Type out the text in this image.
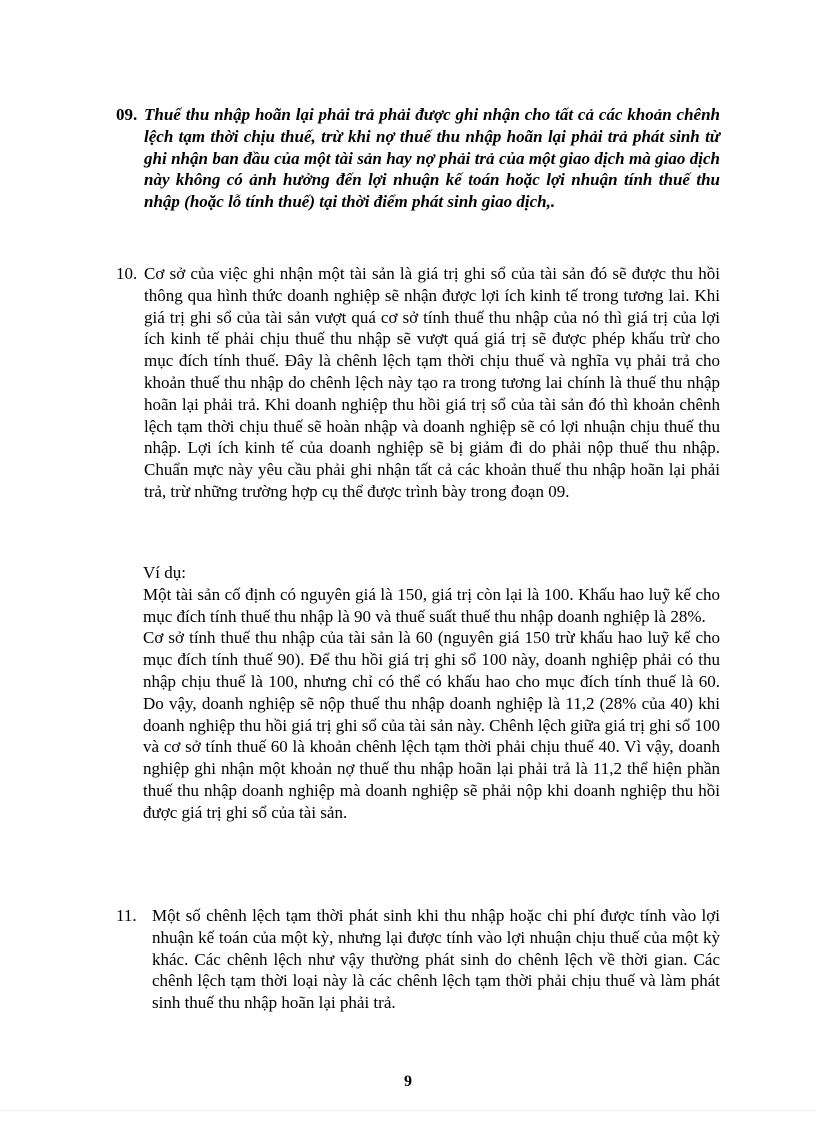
09. Thuế thu nhập hoãn lại phải trả phải được ghi nhận cho tất cả các khoản chênh lệch tạm thời chịu thuế, trừ khi nợ thuế thu nhập hoãn lại phải trả phát sinh từ ghi nhận ban đầu của một tài sản hay nợ phải trả của một giao dịch mà giao dịch này không có ảnh hưởng đến lợi nhuận kế toán hoặc lợi nhuận tính thuế thu nhập (hoặc lỗ tính thuế) tại thời điểm phát sinh giao dịch,.
10. Cơ sở của việc ghi nhận một tài sản là giá trị ghi sổ của tài sản đó sẽ được thu hồi thông qua hình thức doanh nghiệp sẽ nhận được lợi ích kinh tế trong tương lai. Khi giá trị ghi sổ của tài sản vượt quá cơ sở tính thuế thu nhập của nó thì giá trị của lợi ích kinh tế phải chịu thuế thu nhập sẽ vượt quá giá trị sẽ được phép khấu trừ cho mục đích tính thuế. Đây là chênh lệch tạm thời chịu thuế và nghĩa vụ phải trả cho khoản thuế thu nhập do chênh lệch này tạo ra trong tương lai chính là thuế thu nhập hoãn lại phải trả. Khi doanh nghiệp thu hồi giá trị sổ của tài sản đó thì khoản chênh lệch tạm thời chịu thuế sẽ hoàn nhập và doanh nghiệp sẽ có lợi nhuận chịu thuế thu nhập. Lợi ích kinh tế của doanh nghiệp sẽ bị giảm đi do phải nộp thuế thu nhập. Chuẩn mực này yêu cầu phải ghi nhận tất cả các khoản thuế thu nhập hoãn lại phải trả, trừ những trường hợp cụ thể được trình bày trong đoạn 09.

Ví dụ:

Một tài sản cố định có nguyên giá là 150, giá trị còn lại là 100. Khấu hao luỹ kế cho mục đích tính thuế thu nhập là 90 và thuế suất thuế thu nhập doanh nghiệp là 28%.

Cơ sở tính thuế thu nhập của tài sản là 60 (nguyên giá 150 trừ khấu hao luỹ kế cho mục đích tính thuế 90). Để thu hồi giá trị ghi sổ 100 này, doanh nghiệp phải có thu nhập chịu thuế là 100, nhưng chỉ có thể có khấu hao cho mục đích tính thuế là 60. Do vậy, doanh nghiệp sẽ nộp thuế thu nhập doanh nghiệp là 11,2 (28% của 40) khi doanh nghiệp thu hồi giá trị ghi sổ của tài sản này. Chênh lệch giữa giá trị ghi sổ 100 và cơ sở tính thuế 60 là khoản chênh lệch tạm thời phải chịu thuế 40. Vì vậy, doanh nghiệp ghi nhận một khoản nợ thuế thu nhập hoãn lại phải trả là 11,2 thể hiện phần thuế thu nhập doanh nghiệp mà doanh nghiệp sẽ phải nộp khi doanh nghiệp thu hồi được giá trị ghi sổ của tài sản.

11. Một số chênh lệch tạm thời phát sinh khi thu nhập hoặc chi phí được tính vào lợi nhuận kế toán của một kỳ, nhưng lại được tính vào lợi nhuận chịu thuế của một kỳ khác. Các chênh lệch như vậy thường phát sinh do chênh lệch về thời gian. Các chênh lệch tạm thời loại này là các chênh lệch tạm thời phải chịu thuế và làm phát sinh thuế thu nhập hoãn lại phải trả.
9
